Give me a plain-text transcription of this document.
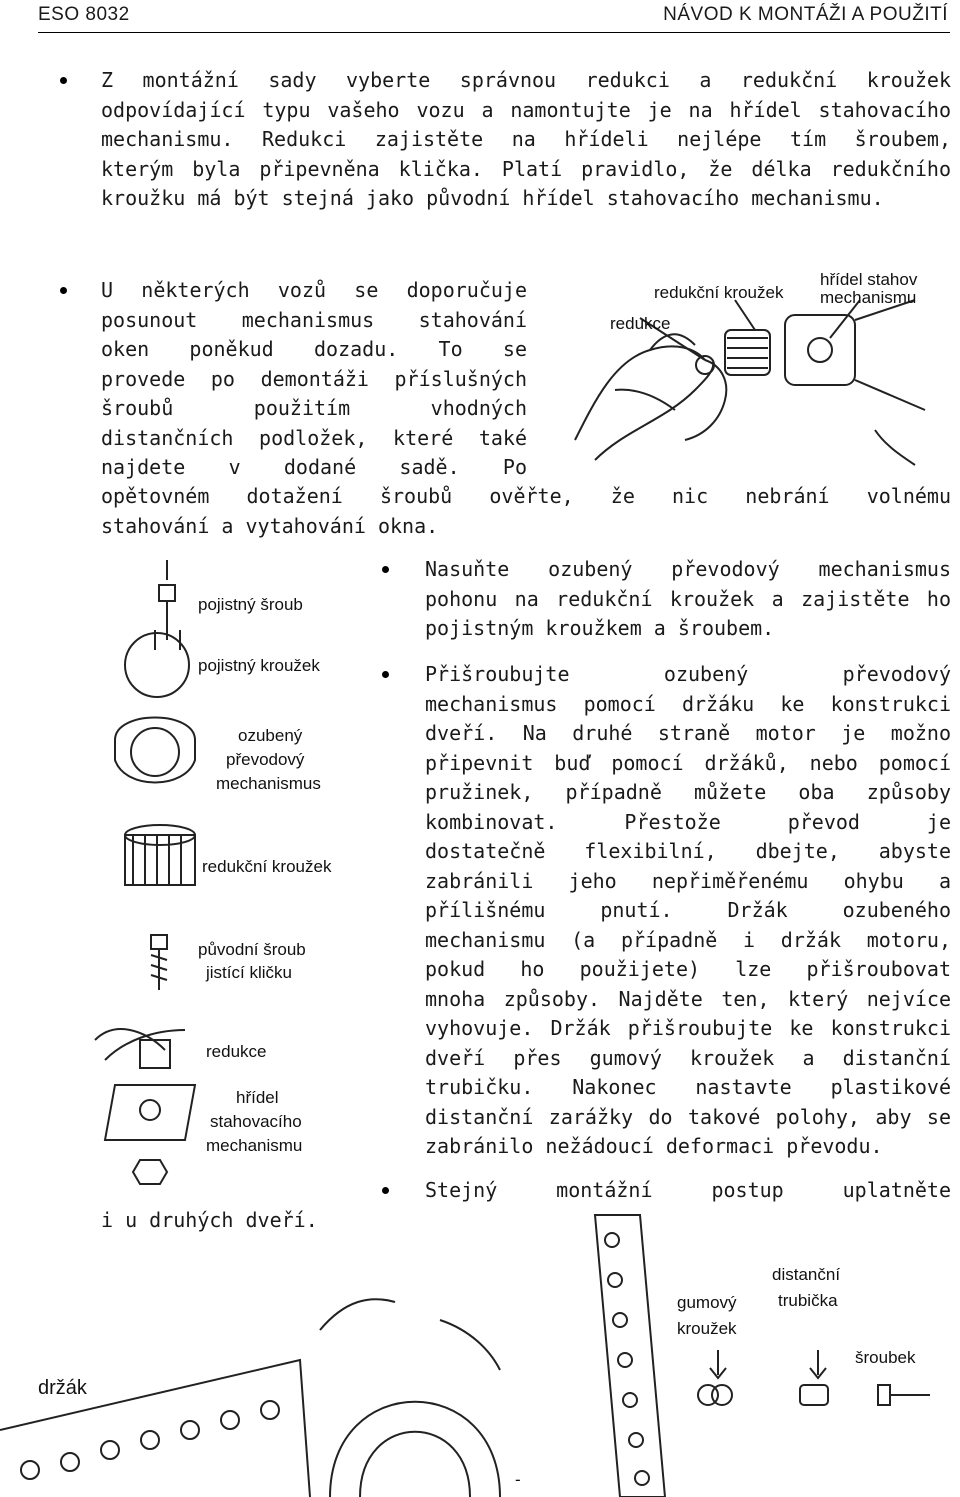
ESO 8032	NÁVOD K MONTÁŽI A POUŽITÍ
Z montážní sady vyberte správnou redukci a redukční kroužek
odpovídající typu vašeho vozu a namontujte je na hřídel stahovacího
mechanismu. Redukci zajistěte na hřídeli nejlépe tím šroubem,
kterým byla připevněna klička. Platí pravidlo, že délka redukčního
kroužku má být stejná jako původní hřídel stahovacího mechanismu.
U některých vozů se doporučuje
posunout mechanismus stahování
oken poněkud dozadu. To se
provede po demontáži příslušných
šroubů použitím vhodných
distančních podložek, které také
najdete v dodané sadě. Po
opětovném dotažení šroubů ověřte, že nic nebrání volnému
stahování a vytahování okna.
redukční kroužek
hřídel stahov
mechanismu
redukce
pojistný šroub
pojistný kroužek
ozubený
převodový
mechanismus
redukční kroužek
původní šroub
jistící kličku
redukce
hřídel
stahovacího
mechanismu
Nasuňte ozubený převodový mechanismus
pohonu na redukční kroužek a zajistěte ho
pojistným kroužkem a šroubem.
Přišroubujte ozubený převodový
mechanismus pomocí držáku ke konstrukci
dveří. Na druhé straně motor je možno
připevnit buď pomocí držáků, nebo pomocí
pružinek, případně můžete oba způsoby
kombinovat. Přestože převod je
dostatečně flexibilní, dbejte, abyste
zabránili jeho nepřiměřenému ohybu a
přílišnému pnutí. Držák ozubeného
mechanismu (a případně i držák motoru,
pokud ho použijete) lze přišroubovat
mnoha způsoby. Najděte ten, který nejvíce
vyhovuje. Držák přišroubujte ke konstrukci
dveří přes gumový kroužek a distanční
trubičku. Nakonec nastavte plastikové
distanční zarážky do takové polohy, aby se
zabránilo nežádoucí deformaci převodu.
Stejný montážní postup uplatněte
i u druhých dveří.
držák
gumový
kroužek
distanční
trubička
šroubek
-
